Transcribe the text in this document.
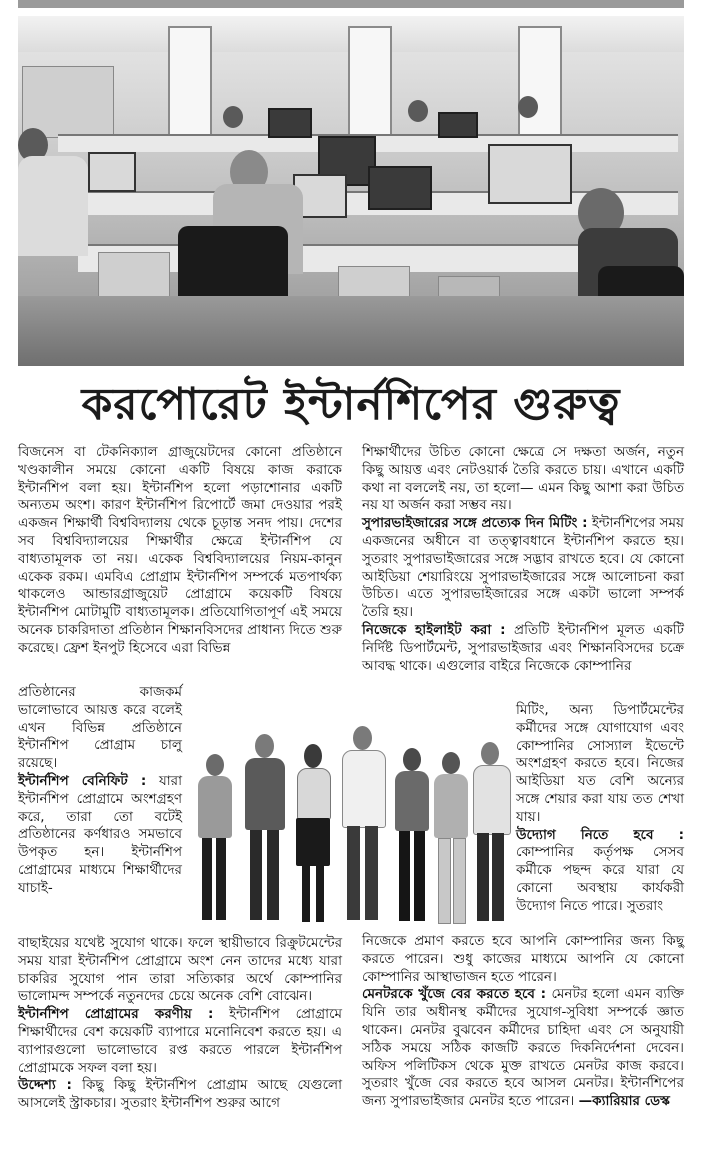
করপোরেট ইন্টার্নশিপের গুরুত্ব

বিজনেস বা টেকনিক্যাল গ্রাজুয়েটদের কোনো প্রতিষ্ঠানে খণ্ডকালীন সময়ে কোনো একটি বিষয়ে কাজ করাকে ইন্টার্নশিপ বলা হয়। ইন্টার্নশিপ হলো পড়াশোনার একটি অন্যতম অংশ। কারণ ইন্টার্নশিপ রিপোর্টে জমা দেওয়ার পরই একজন শিক্ষার্থী বিশ্ববিদ্যালয় থেকে চূড়ান্ত সনদ পায়। দেশের সব বিশ্ববিদ্যালয়ের শিক্ষার্থীর ক্ষেত্রে ইন্টার্নশিপ যে বাধ্যতামূলক তা নয়। একেক বিশ্ববিদ্যালয়ের নিয়ম-কানুন একেক রকম। এমবিএ প্রোগ্রাম ইন্টার্নশিপ সম্পর্কে মতপার্থক্য থাকলেও আন্ডারগ্রাজুয়েট প্রোগ্রামে কয়েকটি বিষয়ে ইন্টার্নশিপ মোটামুটি বাধ্যতামূলক। প্রতিযোগিতাপূর্ণ এই সময়ে অনেক চাকরিদাতা প্রতিষ্ঠান শিক্ষানবিসদের প্রাধান্য দিতে শুরু করেছে। ফ্রেশ ইনপুট হিসেবে এরা বিভিন্ন

প্রতিষ্ঠানের কাজকর্ম ভালোভাবে আয়ত্ত করে বলেই এখন বিভিন্ন প্রতিষ্ঠানে ইন্টার্নশিপ প্রোগ্রাম চালু রয়েছে।

ইন্টার্নশিপ বেনিফিট : যারা ইন্টার্নশিপ প্রোগ্রামে অংশগ্রহণ করে, তারা তো বটেই প্রতিষ্ঠানের কর্ণধারও সমভাবে উপকৃত হন। ইন্টার্নশিপ প্রোগ্রামের মাধ্যমে শিক্ষার্থীদের যাচাই-

বাছাইয়ের যথেষ্ট সুযোগ থাকে। ফলে স্থায়ীভাবে রিক্রুটমেন্টের সময় যারা ইন্টার্নশিপ প্রোগ্রামে অংশ নেন তাদের মধ্যে যারা চাকরির সুযোগ পান তারা সত্যিকার অর্থে কোম্পানির ভালোমন্দ সম্পর্কে নতুনদের চেয়ে অনেক বেশি বোঝেন।

ইন্টার্নশিপ প্রোগ্রামের করণীয় : ইন্টার্নশিপ প্রোগ্রামে শিক্ষার্থীদের বেশ কয়েকটি ব্যাপারে মনোনিবেশ করতে হয়। এ ব্যাপারগুলো ভালোভাবে রপ্ত করতে পারলে ইন্টার্নশিপ প্রোগ্রামকে সফল বলা হয়।

উদ্দেশ্য : কিছু কিছু ইন্টার্নশিপ প্রোগ্রাম আছে যেগুলো আসলেই স্ট্রাকচার। সুতরাং ইন্টার্নশিপ শুরুর আগে

শিক্ষার্থীদের উচিত কোনো ক্ষেত্রে সে দক্ষতা অর্জন, নতুন কিছু আয়ত্ত এবং নেটওয়ার্ক তৈরি করতে চায়। এখানে একটি কথা না বললেই নয়, তা হলো— এমন কিছু আশা করা উচিত নয় যা অর্জন করা সম্ভব নয়।

সুপারভাইজারের সঙ্গে প্রত্যেক দিন মিটিং : ইন্টার্নশিপের সময় একজনের অধীনে বা তত্ত্বাবধানে ইন্টার্নশিপ করতে হয়। সুতরাং সুপারভাইজারের সঙ্গে সদ্ভাব রাখতে হবে। যে কোনো আইডিয়া শেয়ারিংয়ে সুপারভাইজারের সঙ্গে আলোচনা করা উচিত। এতে সুপারভাইজারের সঙ্গে একটা ভালো সম্পর্ক তৈরি হয়।

নিজেকে হাইলাইট করা : প্রতিটি ইন্টার্নশিপ মূলত একটি নির্দিষ্ট ডিপার্টমেন্ট, সুপারভাইজার এবং শিক্ষানবিসদের চক্রে আবদ্ধ থাকে। এগুলোর বাইরে নিজেকে কোম্পানির

মিটিং, অন্য ডিপার্টমেন্টের কর্মীদের সঙ্গে যোগাযোগ এবং কোম্পানির সোস্যাল ইভেন্টে অংশগ্রহণ করতে হবে। নিজের আইডিয়া যত বেশি অন্যের সঙ্গে শেয়ার করা যায় তত শেখা যায়।

উদ্যোগ নিতে হবে : কোম্পানির কর্তৃপক্ষ সেসব কর্মীকে পছন্দ করে যারা যে কোনো অবস্থায় কার্যকরী উদ্যোগ নিতে পারে। সুতরাং

নিজেকে প্রমাণ করতে হবে আপনি কোম্পানির জন্য কিছু করতে পারেন। শুধু কাজের মাধ্যমে আপনি যে কোনো কোম্পানির আস্থাভাজন হতে পারেন।

মেনটরকে খুঁজে বের করতে হবে : মেনটর হলো এমন ব্যক্তি যিনি তার অধীনস্থ কর্মীদের সুযোগ-সুবিধা সম্পর্কে জ্ঞাত থাকেন। মেনটর বুঝবেন কর্মীদের চাহিদা এবং সে অনুযায়ী সঠিক সময়ে সঠিক কাজটি করতে দিকনির্দেশনা দেবেন। অফিস পলিটিকস থেকে মুক্ত রাখতে মেনটর কাজ করবে। সুতরাং খুঁজে বের করতে হবে আসল মেনটর। ইন্টার্নশিপের জন্য সুপারভাইজার মেনটর হতে পারেন। —ক্যারিয়ার ডেস্ক
